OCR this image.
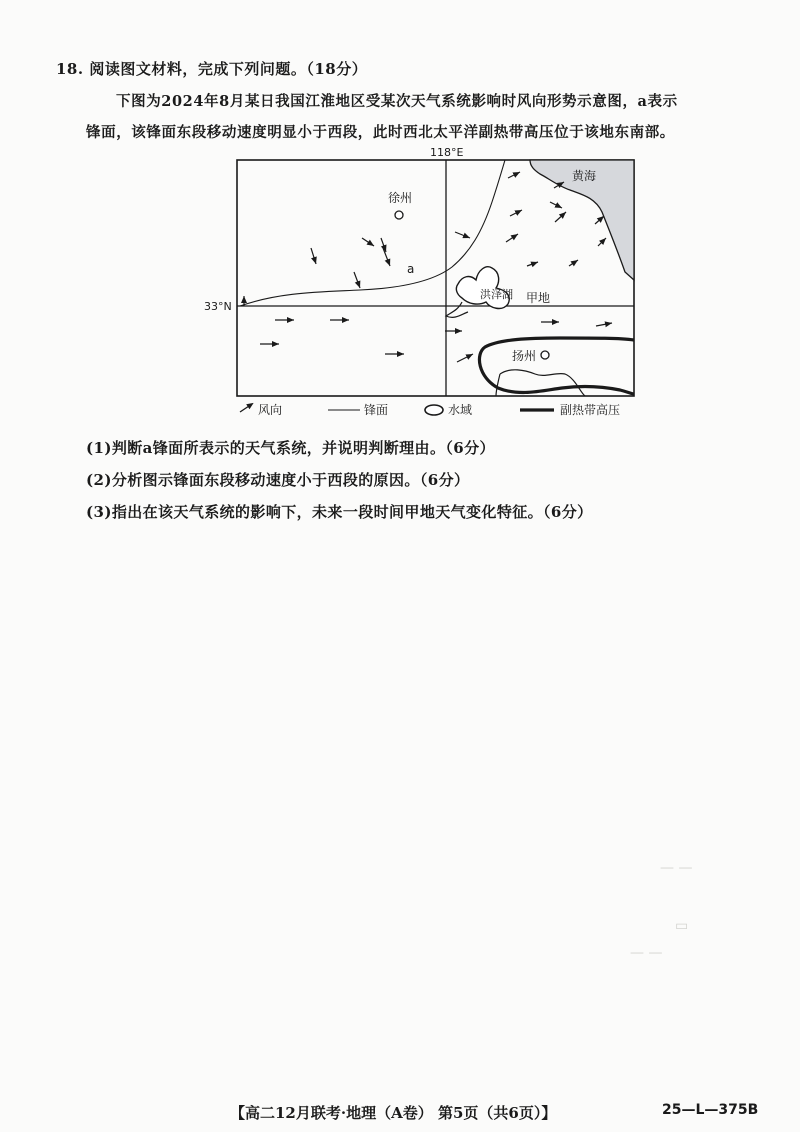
18. 阅读图文材料，完成下列问题。（18分）

下图为2024年8月某日我国江淮地区受某次天气系统影响时风向形势示意图，a表示

锋面，该锋面东段移动速度明显小于西段，此时西北太平洋副热带高压位于该地东南部。

118°E
33°N
a
洪泽湖 甲地
徐州
扬州
黄海
风向	锋面	水域	副热带高压
(1)判断a锋面所表示的天气系统，并说明判断理由。（6分）
(2)分析图示锋面东段移动速度小于西段的原因。（6分）
(3)指出在该天气系统的影响下，未来一段时间甲地天气变化特征。（6分）
— —
▭
— —
【高二12月联考·地理（A卷） 第5页（共6页）】	25—L—375B
